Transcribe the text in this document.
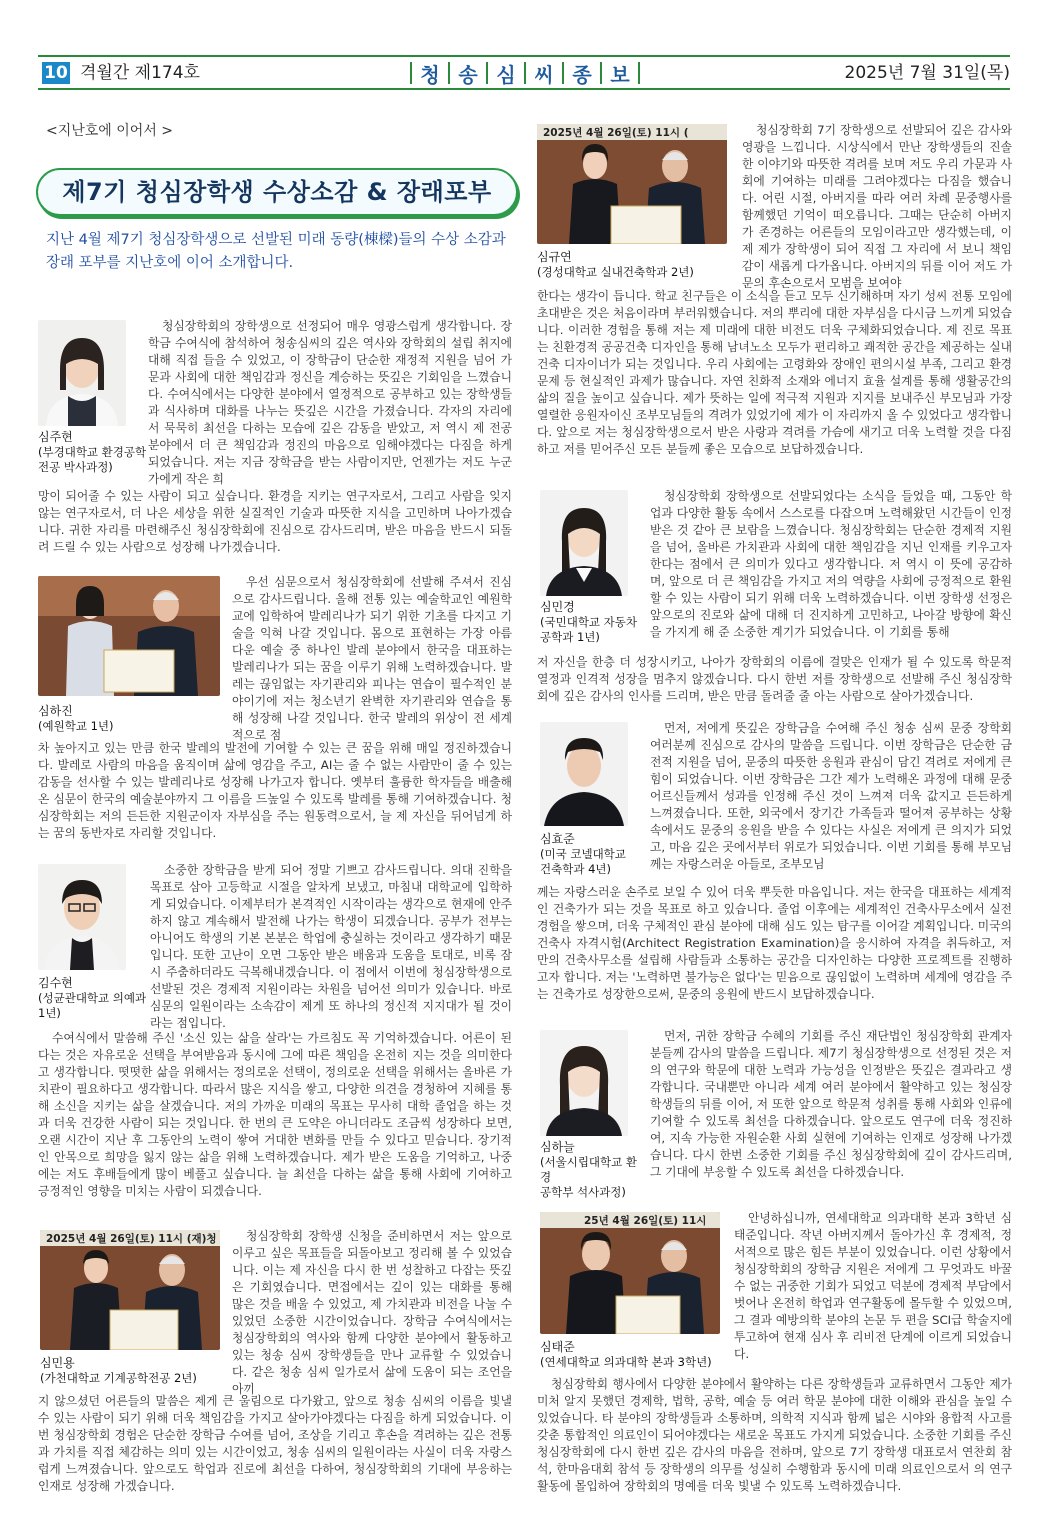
10 격월간 제174호	청 송 심 씨 종 보	2025년 7월 31일(목)
<지난호에 이어서 >
제7기 청심장학생 수상소감 & 장래포부
지난 4월 제7기 청심장학생으로 선발된 미래 동량(棟樑)들의 수상 소감과 장래 포부를 지난호에 이어 소개합니다.
심주현
(부경대학교 환경공학
전공 박사과정)

청심장학회의 장학생으로 선정되어 매우 영광스럽게 생각합니다. 장학금 수여식에 참석하여 청송심씨의 깊은 역사와 장학회의 설립 취지에 대해 직접 들을 수 있었고, 이 장학금이 단순한 재정적 지원을 넘어 가문과 사회에 대한 책임감과 정신을 계승하는 뜻깊은 기회임을 느꼈습니다. 수여식에서는 다양한 분야에서 열정적으로 공부하고 있는 장학생들과 식사하며 대화를 나누는 뜻깊은 시간을 가졌습니다. 각자의 자리에서 묵묵히 최선을 다하는 모습에 깊은 감동을 받았고, 저 역시 제 전공 분야에서 더 큰 책임감과 정진의 마음으로 임해야겠다는 다짐을 하게 되었습니다. 저는 지금 장학금을 받는 사람이지만, 언젠가는 저도 누군가에게 작은 희

망이 되어줄 수 있는 사람이 되고 싶습니다. 환경을 지키는 연구자로서, 그리고 사람을 잊지 않는 연구자로서, 더 나은 세상을 위한 실질적인 기술과 따뜻한 지식을 고민하며 나아가겠습니다. 귀한 자리를 마련해주신 청심장학회에 진심으로 감사드리며, 받은 마음을 반드시 되돌려 드릴 수 있는 사람으로 성장해 나가겠습니다.

심하진
(예원학교 1년)

우선 심문으로서 청심장학회에 선발해 주셔서 진심으로 감사드립니다. 올해 전통 있는 예술학교인 예원학교에 입학하여 발레리나가 되기 위한 기초를 다지고 기술을 익혀 나갈 것입니다. 몸으로 표현하는 가장 아름다운 예술 중 하나인 발레 분야에서 한국을 대표하는 발레리나가 되는 꿈을 이루기 위해 노력하겠습니다. 발레는 끊임없는 자기관리와 피나는 연습이 필수적인 분야이기에 저는 청소년기 완벽한 자기관리와 연습을 통해 성장해 나갈 것입니다. 한국 발레의 위상이 전 세계적으로 점

차 높아지고 있는 만큼 한국 발레의 발전에 기여할 수 있는 큰 꿈을 위해 매일 정진하겠습니다. 발레로 사람의 마음을 움직이며 삶에 영감을 주고, AI는 줄 수 없는 사람만이 줄 수 있는 감동을 선사할 수 있는 발레리나로 성장해 나가고자 합니다. 옛부터 훌륭한 학자들을 배출해 온 심문이 한국의 예술분야까지 그 이름을 드높일 수 있도록 발레를 통해 기여하겠습니다. 청심장학회는 저의 든든한 지원군이자 자부심을 주는 원동력으로서, 늘 제 자신을 뒤어넘게 하는 꿈의 동반자로 자리할 것입니다.

김수현
(성균관대학교 의예과
1년)

소중한 장학금을 받게 되어 정말 기쁘고 감사드립니다. 의대 진학을 목표로 삼아 고등학교 시절을 알차게 보냈고, 마침내 대학교에 입학하게 되었습니다. 이제부터가 본격적인 시작이라는 생각으로 현재에 안주하지 않고 계속해서 발전해 나가는 학생이 되겠습니다. 공부가 전부는 아니어도 학생의 기본 본분은 학업에 충실하는 것이라고 생각하기 때문입니다. 또한 고난이 오면 그동안 받은 배움과 도움을 토대로, 비록 잠시 주춤하더라도 극복해내겠습니다. 이 점에서 이번에 청심장학생으로 선발된 것은 경제적 지원이라는 차원을 넘어선 의미가 있습니다. 바로 심문의 일원이라는 소속감이 제게 또 하나의 정신적 지지대가 될 것이라는 점입니다.

수여식에서 말씀해 주신 '소신 있는 삶을 살라'는 가르침도 꼭 기억하겠습니다. 어른이 된다는 것은 자유로운 선택을 부여받음과 동시에 그에 따른 책임을 온전히 지는 것을 의미한다고 생각합니다. 떳떳한 삶을 위해서는 정의로운 선택이, 정의로운 선택을 위해서는 올바른 가치관이 필요하다고 생각합니다. 따라서 많은 지식을 쌓고, 다양한 의견을 경청하여 지혜를 통해 소신을 지키는 삶을 살겠습니다. 저의 가까운 미래의 목표는 무사히 대학 졸업을 하는 것과 더욱 건강한 사람이 되는 것입니다. 한 번의 큰 도약은 아니더라도 조금씩 성장하다 보면, 오랜 시간이 지난 후 그동안의 노력이 쌓여 거대한 변화를 만들 수 있다고 믿습니다. 장기적인 안목으로 희망을 잃지 않는 삶을 위해 노력하겠습니다. 제가 받은 도움을 기억하고, 나중에는 저도 후배들에게 많이 베풀고 싶습니다. 늘 최선을 다하는 삶을 통해 사회에 기여하고 긍정적인 영향을 미치는 사람이 되겠습니다.

2025년 4월 26일(토) 11시 (재)청
심민용
(가천대학교 기계공학전공 2년)

청심장학회 장학생 신청을 준비하면서 저는 앞으로 이루고 싶은 목표들을 되돌아보고 정리해 볼 수 있었습니다. 이는 제 자신을 다시 한 번 성찰하고 다잡는 뜻깊은 기회였습니다. 면접에서는 깊이 있는 대화를 통해 많은 것을 배울 수 있었고, 제 가치관과 비전을 나눌 수 있었던 소중한 시간이었습니다. 장학금 수여식에서는 청심장학회의 역사와 함께 다양한 분야에서 활동하고 있는 청송 심씨 장학생들을 만나 교류할 수 있었습니다. 같은 청송 심씨 일가로서 삶에 도움이 되는 조언을 아끼

지 않으셨던 어른들의 말씀은 제게 큰 울림으로 다가왔고, 앞으로 청송 심씨의 이름을 빛낼 수 있는 사람이 되기 위해 더욱 책임감을 가지고 살아가야겠다는 다짐을 하게 되었습니다. 이번 청심장학회 경험은 단순한 장학금 수여를 넘어, 조상을 기리고 후손을 격려하는 깊은 전통과 가치를 직접 체감하는 의미 있는 시간이었고, 청송 심씨의 일원이라는 사실이 더욱 자랑스럽게 느껴졌습니다. 앞으로도 학업과 진로에 최선을 다하여, 청심장학회의 기대에 부응하는 인재로 성장해 가겠습니다.

2025년 4월 26일(토) 11시 (
심규연
(경성대학교 실내건축학과 2년)

청심장학회 7기 장학생으로 선발되어 깊은 감사와 영광을 느낍니다. 시상식에서 만난 장학생들의 진솔한 이야기와 따뜻한 격려를 보며 저도 우리 가문과 사회에 기여하는 미래를 그려야겠다는 다짐을 했습니다. 어린 시절, 아버지를 따라 여러 차례 문중행사를 함께했던 기억이 떠오릅니다. 그때는 단순히 아버지가 존경하는 어른들의 모임이라고만 생각했는데, 이제 제가 장학생이 되어 직접 그 자리에 서 보니 책임감이 새롭게 다가옵니다. 아버지의 뒤를 이어 저도 가문의 후손으로서 모범을 보여야

한다는 생각이 듭니다. 학교 친구들은 이 소식을 듣고 모두 신기해하며 자기 성씨 전통 모임에 초대받은 것은 처음이라며 부러워했습니다. 저의 뿌리에 대한 자부심을 다시금 느끼게 되었습니다. 이러한 경험을 통해 저는 제 미래에 대한 비전도 더욱 구체화되었습니다. 제 진로 목표는 친환경적 공공건축 디자인을 통해 남녀노소 모두가 편리하고 쾌적한 공간을 제공하는 실내건축 디자이너가 되는 것입니다. 우리 사회에는 고령화와 장애인 편의시설 부족, 그리고 환경 문제 등 현실적인 과제가 많습니다. 자연 친화적 소재와 에너지 효율 설계를 통해 생활공간의 삶의 질을 높이고 싶습니다. 제가 뜻하는 일에 적극적 지원과 지지를 보내주신 부모님과 가장 열렬한 응원자이신 조부모님들의 격려가 있었기에 제가 이 자리까지 올 수 있었다고 생각합니다. 앞으로 저는 청심장학생으로서 받은 사랑과 격려를 가슴에 새기고 더욱 노력할 것을 다짐하고 저를 믿어주신 모든 분들께 좋은 모습으로 보답하겠습니다.

심민경
(국민대학교 자동차
공학과 1년)

청심장학회 장학생으로 선발되었다는 소식을 들었을 때, 그동안 학업과 다양한 활동 속에서 스스로를 다잡으며 노력해왔던 시간들이 인정받은 것 같아 큰 보람을 느꼈습니다. 청심장학회는 단순한 경제적 지원을 넘어, 올바른 가치관과 사회에 대한 책임감을 지닌 인재를 키우고자 한다는 점에서 큰 의미가 있다고 생각합니다. 저 역시 이 뜻에 공감하며, 앞으로 더 큰 책임감을 가지고 저의 역량을 사회에 긍정적으로 환원할 수 있는 사람이 되기 위해 더욱 노력하겠습니다. 이번 장학생 선정은 앞으로의 진로와 삶에 대해 더 진지하게 고민하고, 나아갈 방향에 확신을 가지게 해 준 소중한 계기가 되었습니다. 이 기회를 통해

저 자신을 한층 더 성장시키고, 나아가 장학회의 이름에 걸맞은 인재가 될 수 있도록 학문적 열정과 인격적 성장을 멈추지 않겠습니다. 다시 한번 저를 장학생으로 선발해 주신 청심장학회에 깊은 감사의 인사를 드리며, 받은 만큼 돌려줄 줄 아는 사람으로 살아가겠습니다.

심효준
(미국 코넬대학교
건축학과 4년)

먼저, 저에게 뜻깊은 장학금을 수여해 주신 청송 심씨 문중 장학회 여러분께 진심으로 감사의 말씀을 드립니다. 이번 장학금은 단순한 금전적 지원을 넘어, 문중의 따뜻한 응원과 관심이 담긴 격려로 저에게 큰 힘이 되었습니다. 이번 장학금은 그간 제가 노력해온 과정에 대해 문중 어르신들께서 성과를 인정해 주신 것이 느껴져 더욱 값지고 든든하게 느껴졌습니다. 또한, 외국에서 장기간 가족들과 떨어져 공부하는 상황 속에서도 문중의 응원을 받을 수 있다는 사실은 저에게 큰 의지가 되었고, 마음 깊은 곳에서부터 위로가 되었습니다. 이번 기회를 통해 부모님께는 자랑스러운 아들로, 조부모님

께는 자랑스러운 손주로 보일 수 있어 더욱 뿌듯한 마음입니다. 저는 한국을 대표하는 세계적인 건축가가 되는 것을 목표로 하고 있습니다. 졸업 이후에는 세계적인 건축사무소에서 실전 경험을 쌓으며, 더욱 구체적인 관심 분야에 대해 심도 있는 탐구를 이어갈 계획입니다. 미국의 건축사 자격시험(Architect Registration Examination)을 응시하여 자격을 취득하고, 저만의 건축사무소를 설립해 사람들과 소통하는 공간을 디자인하는 다양한 프로젝트를 진행하고자 합니다. 저는 '노력하면 불가능은 없다'는 믿음으로 끊임없이 노력하며 세계에 영감을 주는 건축가로 성장한으로써, 문중의 응원에 반드시 보답하겠습니다.

심하늘
(서울시립대학교 환경
공학부 석사과정)

먼저, 귀한 장학금 수혜의 기회를 주신 재단법인 청심장학회 관계자분들께 감사의 말씀을 드립니다. 제7기 청심장학생으로 선정된 것은 저의 연구와 학문에 대한 노력과 가능성을 인정받은 뜻깊은 결과라고 생각합니다. 국내뿐만 아니라 세계 여러 분야에서 활약하고 있는 청심장학생들의 뒤를 이어, 저 또한 앞으로 학문적 성취를 통해 사회와 인류에 기여할 수 있도록 최선을 다하겠습니다. 앞으로도 연구에 더욱 정진하여, 지속 가능한 자원순환 사회 실현에 기여하는 인재로 성장해 나가겠습니다. 다시 한번 소중한 기회를 주신 청심장학회에 깊이 감사드리며, 그 기대에 부응할 수 있도록 최선을 다하겠습니다.

25년 4월 26일(토) 11시
심태준
(연세대학교 의과대학 본과 3학년)

안녕하십니까, 연세대학교 의과대학 본과 3학년 심태준입니다. 작년 아버지께서 돌아가신 후 경제적, 정서적으로 많은 힘든 부분이 있었습니다. 이런 상황에서 청심장학회의 장학금 지원은 저에게 그 무엇과도 바꿀 수 없는 귀중한 기회가 되었고 덕분에 경제적 부담에서 벗어나 온전히 학업과 연구활동에 몰두할 수 있었으며, 그 결과 예방의학 분야의 논문 두 편을 SCI급 학술지에 투고하여 현재 심사 후 리비전 단계에 이르게 되었습니다.

청심장학회 행사에서 다양한 분야에서 활약하는 다른 장학생들과 교류하면서 그동안 제가 미처 알지 못했던 경제학, 법학, 공학, 예술 등 여러 학문 분야에 대한 이해와 관심을 높일 수 있었습니다. 타 분야의 장학생들과 소통하며, 의학적 지식과 함께 넓은 시야와 융합적 사고를 갖춘 통합적인 의료인이 되어야겠다는 새로운 목표도 가지게 되었습니다. 소중한 기회를 주신 청심장학회에 다시 한번 깊은 감사의 마음을 전하며, 앞으로 7기 장학생 대표로서 연찬회 참석, 한마음대회 참석 등 장학생의 의무를 성실히 수행함과 동시에 미래 의료인으로서 의 연구활동에 몰입하여 장학회의 명예를 더욱 빛낼 수 있도록 노력하겠습니다.
